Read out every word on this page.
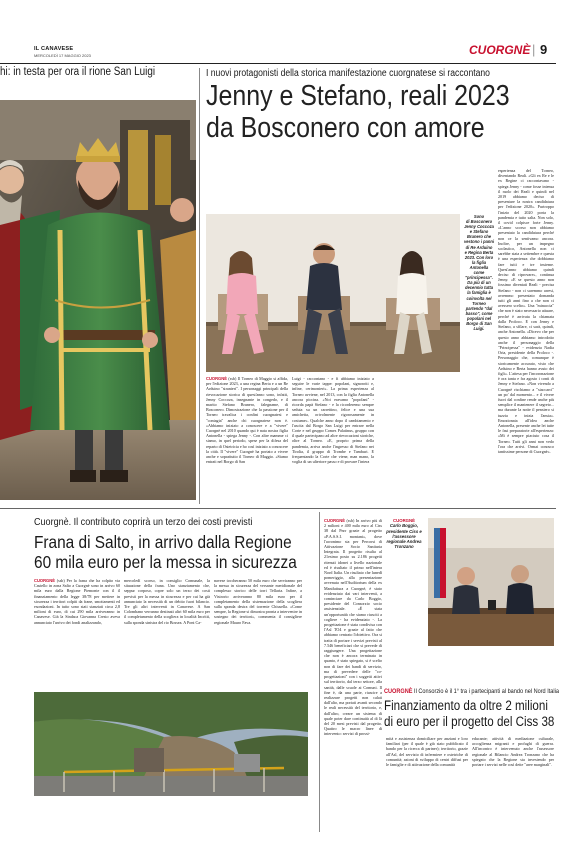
IL CANAVESE
MERCOLEDÌ 17 MAGGIO 2023	CUORGNÈ | 9
hi: in testa per ora il rione San Luigi	I nuovi protagonisti della storica manifestazione cuorgnatese si raccontano
Jenny e Stefano, reali 2023
da Bosconero con amore
Sono
di Bosconero
Jenny Coccoza
e Stefano
Brunero che
vestono i panni
di Re Arduino
e Regina Berta
2023. Con loro
la figlia
Antonella
come
"principessa".
Da più di un
decennio tutta
la famiglia è
coinvolta nel
Torneo
partendo "dal
basso", come
popolani nel
Borgo di San
Luigi.
CUORGNÈ (ssb) Il Torneo di Maggio si affida, per l'edizione 2023, a una regina Berta e a un Re Arduino "stranieri". I personaggi principali della rievocazione storica di quest'anno sono, infatti, Jenny Coccoza, insegnante in congedo, e il marito Stefano Brunero, falegname, di Bosconero. Dimostrazione che la passione per il Torneo travalica i confini cuorgnatesi e "contagia" anche chi cuorgnatese non è. «Abbiamo iniziato a conoscere e a "vivere" Cuorgnè nel 2010 quando qui è nata nostra figlia Antonella - spiega Jenny -. Con altre mamme ci siamo, in quel periodo, spese per la difesa del reparto di Ostetricia e ho così iniziato a conoscere la città. Il "vivere" Cuorgnè ha portato a vivere anche e soprattutto il Torneo di Maggio. «Siamo entrati nel Borgo di San
Luigi - raccontano - e fi abbiamo iniziato a seguire le varie tappe: popolani, signorotti e, infine, cerimonieri». La prima esperienza al Torneo avviene, nel 2013, con la figlia Antonella ancora piccina. «Noi eravamo "popolani" - ricorda papà Stefano - e la ricorderemo sempre seduta su un carrettino, felice e una sua amichetta, orivolmente rigorosamente in costume». Qualche anno dopo il cambiamento e l'uscita dal Borgo San Luigi per entrare nella Corte e nel gruppo Comes Palatinus, gruppo con il quale partecipano ad altre rievocazioni storiche, oltre al Torneo. «E, proprio prima della pandemia, arriva anche l'ingresso di Stefano nei Tirolia, il gruppo di Trombe e Tamburi. E frequentando la Corte che viene, man mano, la voglia di un ulteriore passo e di provare l'intera
esperienza del Torneo, diventando Reali. «Gli ex Re e le ex Regine ci raccontavano - spiega Jenny - come fosse intensa il ruolo dei Reali e quindi nel 2019 abbiamo deciso di presentare la nostra candidatura per l'edizione 2020». Purtroppo l'inizio del 2020 porta la pandemia e tutto salta. Non solo, il covid colpisce forte Jenny. «L'anno scorso non abbiamo presentato la candidatura perché non ce la sentivamo ancora. Inoltre, per un impegno scolastico, Antonella non ci sarebbe stata a settembre e questa è una esperienza che dobbiamo fare tutti e tre insieme. Quest'anno abbiamo quindi deciso di riprovare», continua Jenny. «E se questo anno non fossimo diventati Reali - precisa Stefano - non ci saremmo arresi, avremmo presentato domanda tutti gli anni fino a che non ci avessero scelto». Una "minaccia" che non è stato necessario attuare, perché è arrivata la chiamata dalla Proloco. E con Jenny e Stefano, a sfilare, ci sarà, quindi, anche Antonella. «Dicevo che per questo anno abbiamo introdotto anche il personaggio della "Principessa" - evidenzia Nadia Oria, presidente della Proloco -. Personaggio che, comunque è storicamente accurato, visto che Arduino e Berta hanno avuto dei figli». L'attesa per l'incoronazione è ora tanta e fra agosto i conti di Jenny e Stefano. «Non vivendo a Cuorgnè rischiamo a "staccarci" un po' dal momento... e il vivere fuori dal confine rende anche più semplice il mantenere il segreto... ma durante la notte il pensiero si tuzzia e inizia l'ansia». Emozionata all'idea anche Antonella, presente anche lei tutte le fasi preparatorie all'esperienza: «Mi è sempre piaciuto cosa il Torneo. Tutti gli anni non vedo l'ora che arrivi. Ormai conosco tantissime persone di Cuorgnè».
Cuorgnè. Il contributo coprirà un terzo dei costi previsti
Frana di Salto, in arrivo dalla Regione
60 mila euro per la messa in sicurezza
CUORGNÈ (ssb) Per la frana che ha colpito via Castello in zona Salto a Cuorgnè sono in arrivo 60 mila euro dalla Regione Piemonte con il il finanziamento della legge 38/78 per mettere in sicurezza i territori colpiti da frane, smottamenti ed esondazioni. In tutto sono stati stanziati circa 2,8 milioni di euro, di cui 290 mila arriveranno in Canavese. Già la Sindaca Giovanna Cresto aveva annunciato l'arrivo dei fondi analizzando,
mercoledì scorso, in consiglio Comunale, la situazione della frana. Uno stanziamento che, seppur corposo, copre solo un terzo dei costi previsti per la messa in sicurezza e per cui ha già annunciato la necessità di un debito fuori bilancio. Tre gli altri interventi in Canavese. A San Colombano verranno destinati altri 60 mila euro per il completamento della scogliera in località Incritti, sulla sponda sinistra del rio Bossea. A Pont Ca-
navese toccheranno 50 mila euro che serviranno per la messa in sicurezza del versante meridionale del complesso storico delle torri Tellaria. Infine, a Vistrorio arriveranno 80 mila euro per il completamento della sistemazione della scogliera sulla sponda destra del torrente Chiusella. «Come sempre, la Regione si dimostra pronta a intervenire in sostegno dei territori», commenta il consigliere regionale Mauro Fava.
CUORGNÈ (ssb) In arrivo più di 2 milioni e 400 mila euro al Ciss 38 dal Pnrr grazie al progetto «P.A.S.S.I. montani», dove l'acronimo sta per Percorsi di Attivazione Socio Sanitaria Integrata. Il progetto risulta al 21esimo posto su 2.186 progetti ritenuti idonei a livello nazionale ed è risultato il primo nell'intera Nord Italia. Un risultato che lunedì pomeriggio, alla presentazione avvenuta nell'Auditorium della ex Manifattura a Cuorgnè, è stato evidenziato dai vari interventi, a cominciare da Carlo Boggio, presidente del Consorzio socio assistenziale. «È stata un'opportunità che siamo riusciti a cogliere - ha evidenziato -. La progettazione è stata condivisa con l'Asl TO4 e grazie al fatto che abbiamo centrato l'obiettivo. Ora si tratta di portare i servizi previsti al 7.546 beneficiari che si prevede di raggiungere. Una progettazione che non è ancora terminata in quanto, è stato spiegato, si è scelto non di fare dei bandi di servizio, ma di prevedere delle "co-progettazioni" con i soggetti attivi sul territorio, dal terzo settore, alla sanità, dalle scuole ai Comuni. Il fine è, da una parte, riuscire a realizzare progetti non calati dall'alto, ma portati avanti secondo le reali necessità del territorio, e, dall'altro, creare un sistema di quale poter dare continuità al di là del 20 mesi previsti dal progetto. Quattro le macro linee di intervento: servizi di prossi-
CUORGNÈ
Carlo Boggio, presidente Ciss e l'assessore regionale Andrea Tronzano
CUORGNÈ Il Consorzio è il 1° tra i partecipanti al bando nel Nord Italia
Finanziamento da oltre 2 milioni
di euro per il progetto del Ciss 38
mità e assistenza domiciliare per anziani e loro familiari (per il quale è già stato pubblicato il bando per la ricerca di partner); territorio, grazie all'Asl, del servizio di infermiere e ostetriche di comunità; azioni di sviluppo di centri diffusi per le famiglie e di attivazione della comunità
educante; attività di mediazione culturale, accoglienza migranti e profughi di guerra. All'incontro è intervenuto anche l'assessore regionale al Bilancio Andrea Tronzano che ha spiegato che la Regione sta investendo per portare i servizi nelle così dette "aree marginali".
